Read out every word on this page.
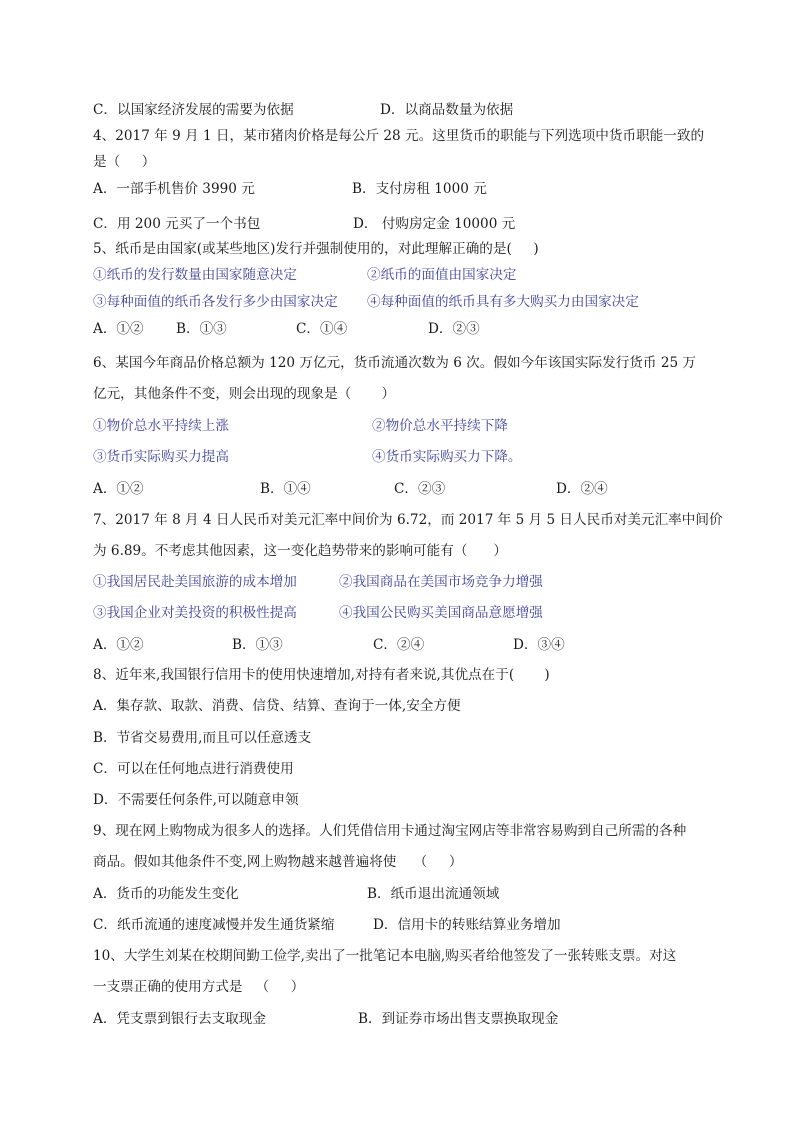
C．以国家经济发展的需要为依据	D．以商品数量为依据
4、2017 年 9 月 1 日，某市猪肉价格是每公斤 28 元。这里货币的职能与下列选项中货币职能一致的
是（     ）
A．一部手机售价 3990 元	B．支付房租 1000 元
C．用 200 元买了一个书包	D． 付购房定金 10000 元
5、纸币是由国家(或某些地区)发行并强制使用的，对此理解正确的是(     )
①纸币的发行数量由国家随意决定	②纸币的面值由国家决定
③每种面值的纸币各发行多少由国家决定 ④每种面值的纸币具有多大购买力由国家决定
A．①② B．①③	C．①④	D．②③
6、某国今年商品价格总额为 120 万亿元，货币流通次数为 6 次。假如今年该国实际发行货币 25 万
亿元，其他条件不变，则会出现的现象是（       ）
①物价总水平持续上涨	②物价总水平持续下降
③货币实际购买力提高	④货币实际购买力下降。
A．①②	B．①④	C．②③	D．②④
7、2017 年 8 月 4 日人民币对美元汇率中间价为 6.72，而 2017 年 5 月 5 日人民币对美元汇率中间价
为 6.89。不考虑其他因素，这一变化趋势带来的影响可能有（      ）
①我国居民赴美国旅游的成本增加	②我国商品在美国市场竞争力增强
③我国企业对美投资的积极性提高	④我国公民购买美国商品意愿增强
A．①②	B．①③	C．②④	D．③④
8、近年来,我国银行信用卡的使用快速增加,对持有者来说,其优点在于(       )
A．集存款、取款、消费、信贷、结算、查询于一体,安全方便
B．节省交易费用,而且可以任意透支
C．可以在任何地点进行消费使用
D．不需要任何条件,可以随意申领
9、现在网上购物成为很多人的选择。人们凭借信用卡通过淘宝网店等非常容易购到自己所需的各种
商品。假如其他条件不变,网上购物越来越普遍将使    （     ）
A．货币的功能发生变化	B．纸币退出流通领域
C．纸币流通的速度减慢并发生通货紧缩	D．信用卡的转账结算业务增加
10、大学生刘某在校期间勤工俭学,卖出了一批笔记本电脑,购买者给他签发了一张转账支票。对这
一支票正确的使用方式是   （     ）
A．凭支票到银行去支取现金	B．到证券市场出售支票换取现金
